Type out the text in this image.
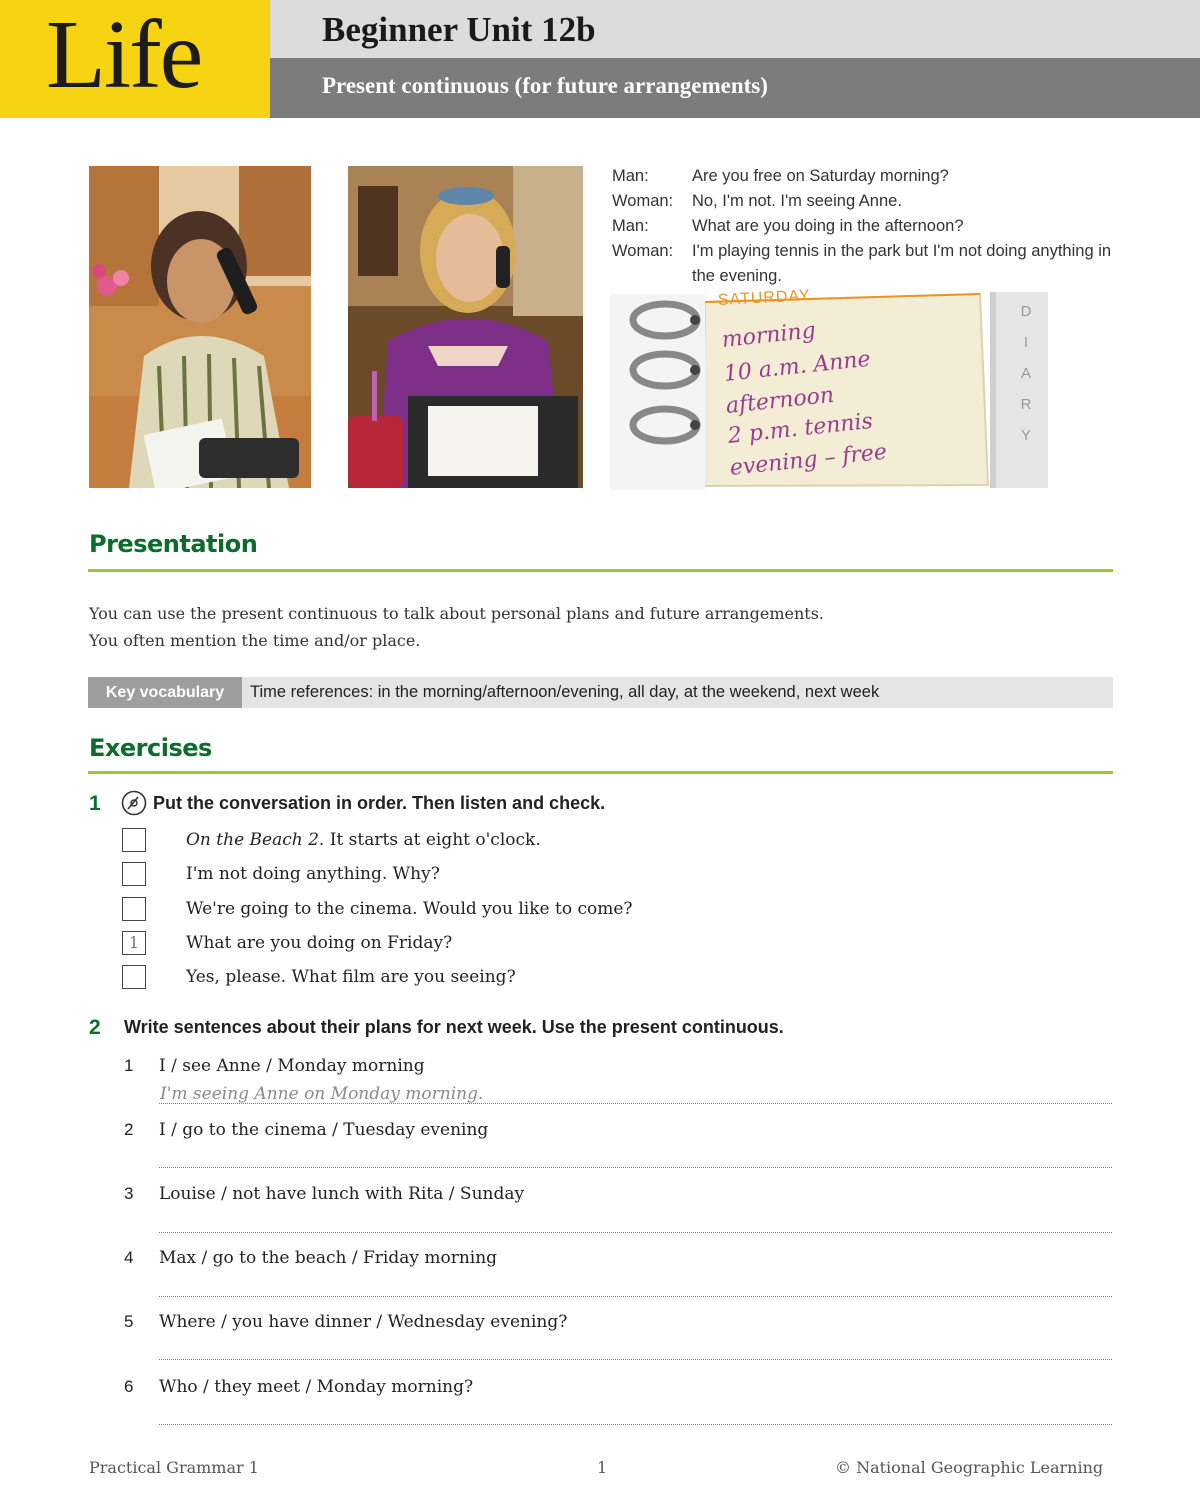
Life	Beginner Unit 12b
Present continuous (for future arrangements)
Man:	Are you free on Saturday morning?
Woman:	No, I'm not. I'm seeing Anne.
Man:	What are you doing in the afternoon?
Woman:	I'm playing tennis in the park but I'm not doing anything in the evening.
SATURDAY
morning
10 a.m. Anne
afternoon
2 p.m. tennis
evening – free
D
I
A
R
Y
Presentation
You can use the present continuous to talk about personal plans and future arrangements.
You often mention the time and/or place.
Key vocabulary	Time references: in the morning/afternoon/evening, all day, at the weekend, next week
Exercises
1	Put the conversation in order. Then listen and check.
On the Beach 2. It starts at eight o'clock.
I'm not doing anything. Why?
We're going to the cinema. Would you like to come?
1	What are you doing on Friday?
Yes, please. What film are you seeing?
2 Write sentences about their plans for next week. Use the present continuous.
1 I / see Anne / Monday morning
I'm seeing Anne on Monday morning.
2 I / go to the cinema / Tuesday evening
3 Louise / not have lunch with Rita / Sunday
4 Max / go to the beach / Friday morning
5 Where / you have dinner / Wednesday evening?
6 Who / they meet / Monday morning?
Practical Grammar 1	1	© National Geographic Learning
